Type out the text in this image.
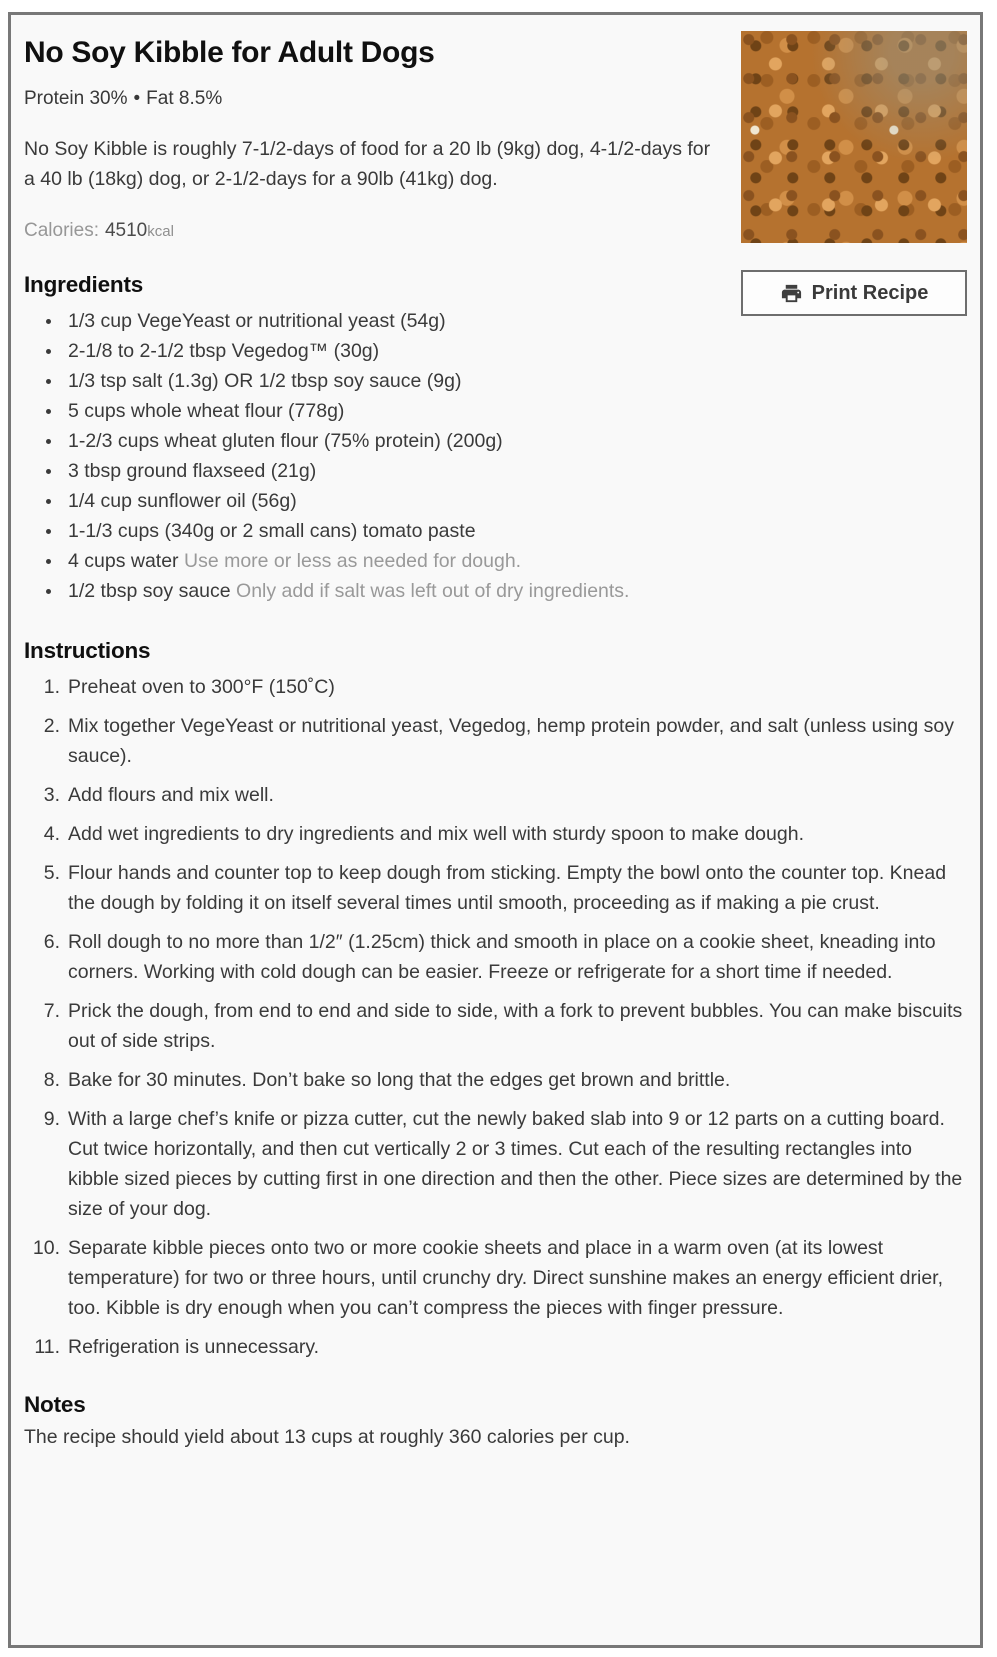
Print Recipe
No Soy Kibble for Adult Dogs

Protein 30% • Fat 8.5%

No Soy Kibble is roughly 7-1/2-days of food for a 20 lb (9kg) dog, 4-1/2-days for a 40 lb (18kg) dog, or 2-1/2-days for a 90lb (41kg) dog.

Calories: 4510kcal

Ingredients
1/3 cup VegeYeast or nutritional yeast (54g)
2-1/8 to 2-1/2 tbsp Vegedog™ (30g)
1/3 tsp salt (1.3g) OR 1/2 tbsp soy sauce (9g)
5 cups whole wheat flour (778g)
1-2/3 cups wheat gluten flour (75% protein) (200g)
3 tbsp ground flaxseed (21g)
1/4 cup sunflower oil (56g)
1-1/3 cups (340g or 2 small cans) tomato paste
4 cups water Use more or less as needed for dough.
1/2 tbsp soy sauce Only add if salt was left out of dry ingredients.
Instructions
Preheat oven to 300°F (150˚C)
Mix together VegeYeast or nutritional yeast, Vegedog, hemp protein powder, and salt (unless using soy sauce).
Add flours and mix well.
Add wet ingredients to dry ingredients and mix well with sturdy spoon to make dough.
Flour hands and counter top to keep dough from sticking. Empty the bowl onto the counter top. Knead the dough by folding it on itself several times until smooth, proceeding as if making a pie crust.
Roll dough to no more than 1/2″ (1.25cm) thick and smooth in place on a cookie sheet, kneading into corners. Working with cold dough can be easier. Freeze or refrigerate for a short time if needed.
Prick the dough, from end to end and side to side, with a fork to prevent bubbles. You can make biscuits out of side strips.
Bake for 30 minutes. Don’t bake so long that the edges get brown and brittle.
With a large chef’s knife or pizza cutter, cut the newly baked slab into 9 or 12 parts on a cutting board. Cut twice horizontally, and then cut vertically 2 or 3 times. Cut each of the resulting rectangles into kibble sized pieces by cutting first in one direction and then the other. Piece sizes are determined by the size of your dog.
Separate kibble pieces onto two or more cookie sheets and place in a warm oven (at its lowest temperature) for two or three hours, until crunchy dry. Direct sunshine makes an energy efficient drier, too. Kibble is dry enough when you can’t compress the pieces with finger pressure.
Refrigeration is unnecessary.
Notes

The recipe should yield about 13 cups at roughly 360 calories per cup.
